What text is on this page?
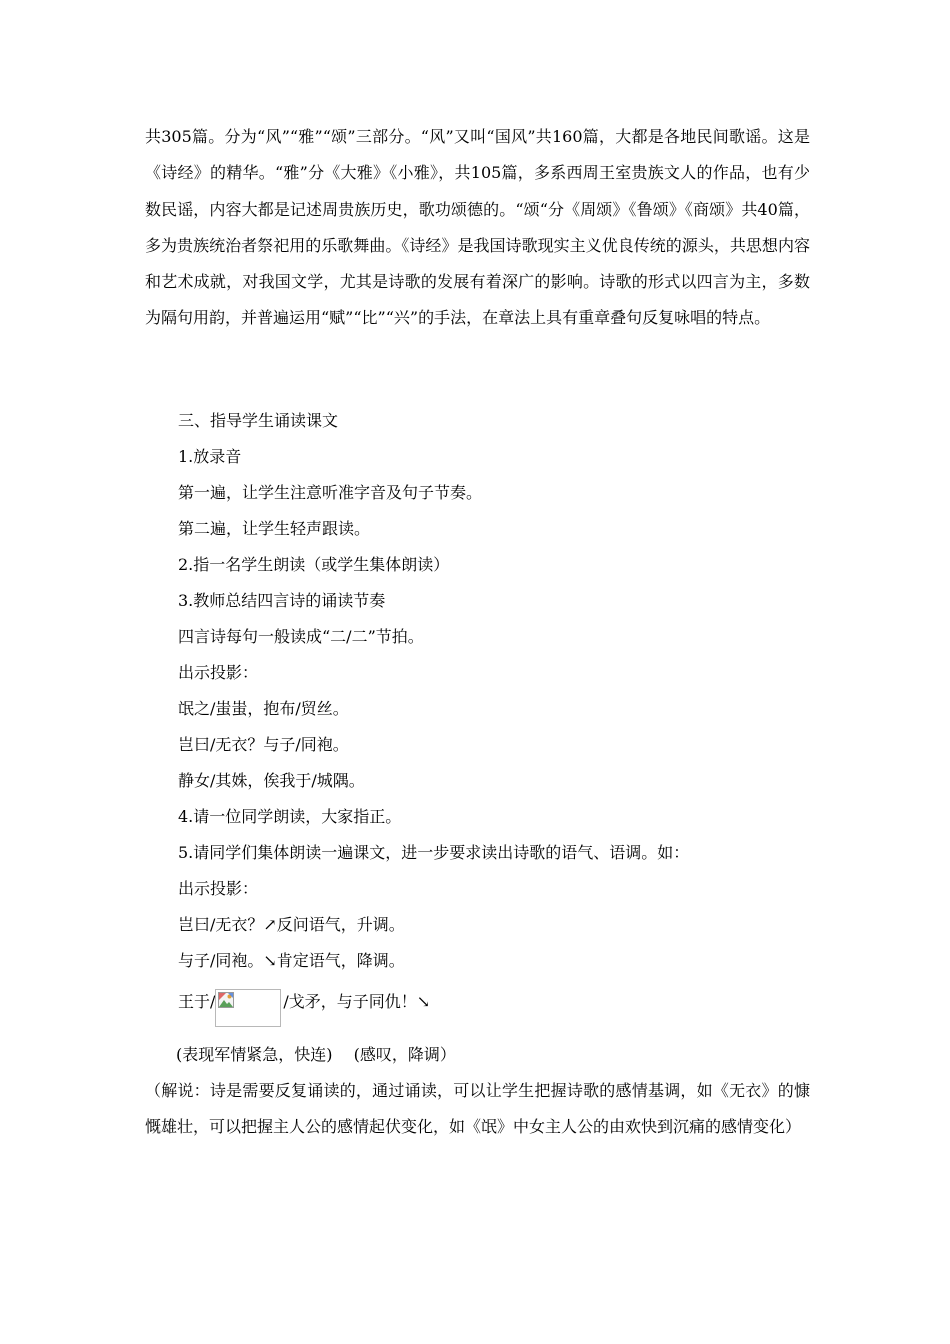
共305篇。分为“风”“雅”“颂”三部分。“风”又叫“国风”共160篇，大都是各地民间歌谣。这是《诗经》的精华。“雅”分《大雅》《小雅》，共105篇，多系西周王室贵族文人的作品，也有少数民谣，内容大都是记述周贵族历史，歌功颂德的。“颂“分《周颂》《鲁颂》《商颂》共40篇，多为贵族统治者祭祀用的乐歌舞曲。《诗经》是我国诗歌现实主义优良传统的源头，共思想内容和艺术成就，对我国文学，尤其是诗歌的发展有着深广的影响。诗歌的形式以四言为主，多数为隔句用韵，并普遍运用“赋”“比”“兴”的手法，在章法上具有重章叠句反复咏唱的特点。

三、指导学生诵读课文

1.放录音

第一遍，让学生注意听准字音及句子节奏。

第二遍，让学生轻声跟读。

2.指一名学生朗读（或学生集体朗读）

3.教师总结四言诗的诵读节奏

四言诗每句一般读成“二/二”节拍。

出示投影：

氓之/蚩蚩，抱布/贸丝。

岂曰/无衣？与子/同袍。

静女/其姝，俟我于/城隅。

4.请一位同学朗读，大家指正。

5.请同学们集体朗读一遍课文，进一步要求读出诗歌的语气、语调。如：

出示投影：

岂曰/无衣？↗反问语气，升调。

与子/同袍。↘肯定语气，降调。

王于/	/戈矛，与子同仇！↘

(表现军情紧急，快连)　 (感叹，降调）

（解说：诗是需要反复诵读的，通过诵读，可以让学生把握诗歌的感情基调，如《无衣》的慷慨雄壮，可以把握主人公的感情起伏变化，如《氓》中女主人公的由欢快到沉痛的感情变化）
